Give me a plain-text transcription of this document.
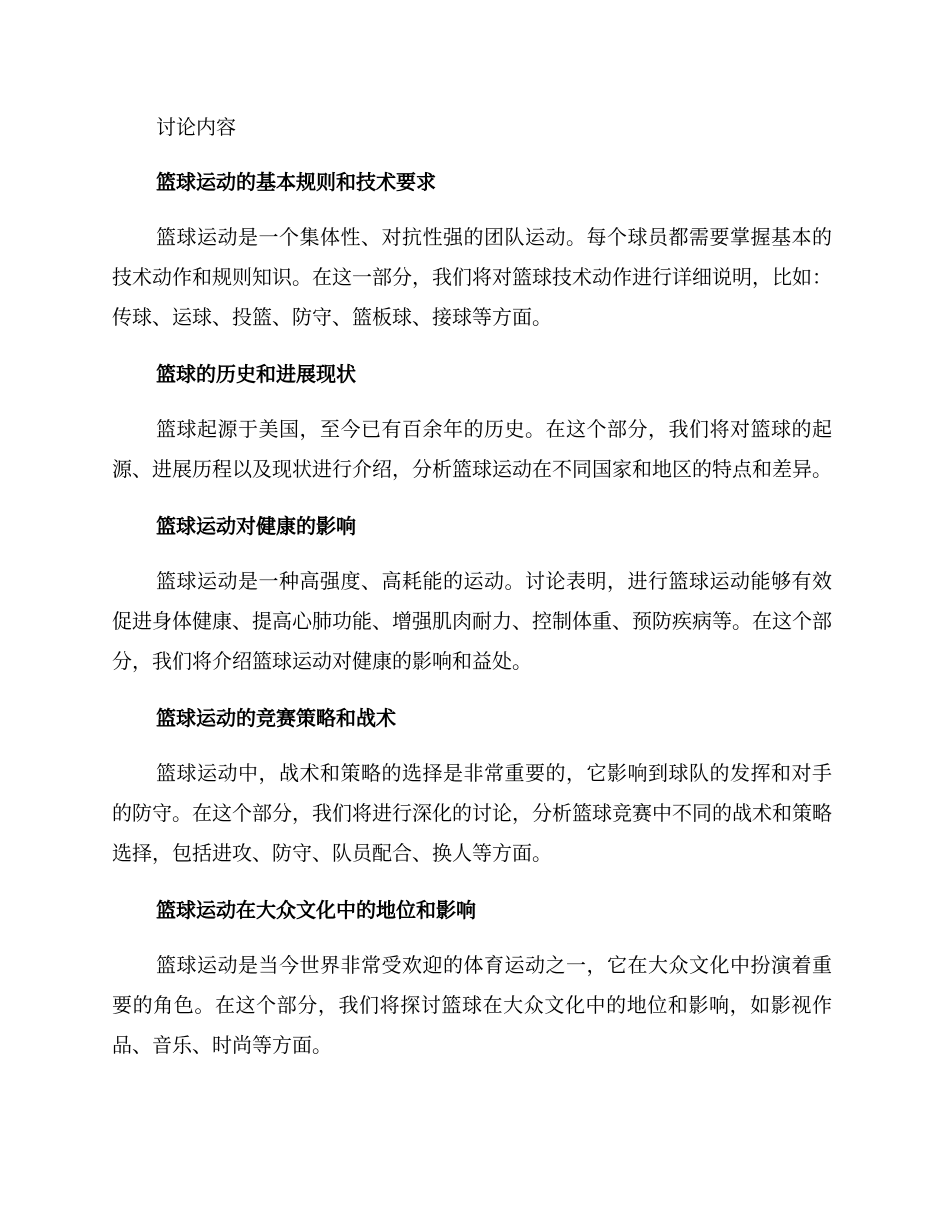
讨论内容
篮球运动的基本规则和技术要求

篮球运动是一个集体性、对抗性强的团队运动。每个球员都需要掌握基本的技术动作和规则知识。在这一部分，我们将对篮球技术动作进行详细说明，比如：传球、运球、投篮、防守、篮板球、接球等方面。

篮球的历史和进展现状

篮球起源于美国，至今已有百余年的历史。在这个部分，我们将对篮球的起源、进展历程以及现状进行介绍，分析篮球运动在不同国家和地区的特点和差异。

篮球运动对健康的影响

篮球运动是一种高强度、高耗能的运动。讨论表明，进行篮球运动能够有效促进身体健康、提高心肺功能、增强肌肉耐力、控制体重、预防疾病等。在这个部分，我们将介绍篮球运动对健康的影响和益处。

篮球运动的竞赛策略和战术

篮球运动中，战术和策略的选择是非常重要的，它影响到球队的发挥和对手的防守。在这个部分，我们将进行深化的讨论，分析篮球竞赛中不同的战术和策略选择，包括进攻、防守、队员配合、换人等方面。

篮球运动在大众文化中的地位和影响

篮球运动是当今世界非常受欢迎的体育运动之一，它在大众文化中扮演着重要的角色。在这个部分，我们将探讨篮球在大众文化中的地位和影响，如影视作品、音乐、时尚等方面。
